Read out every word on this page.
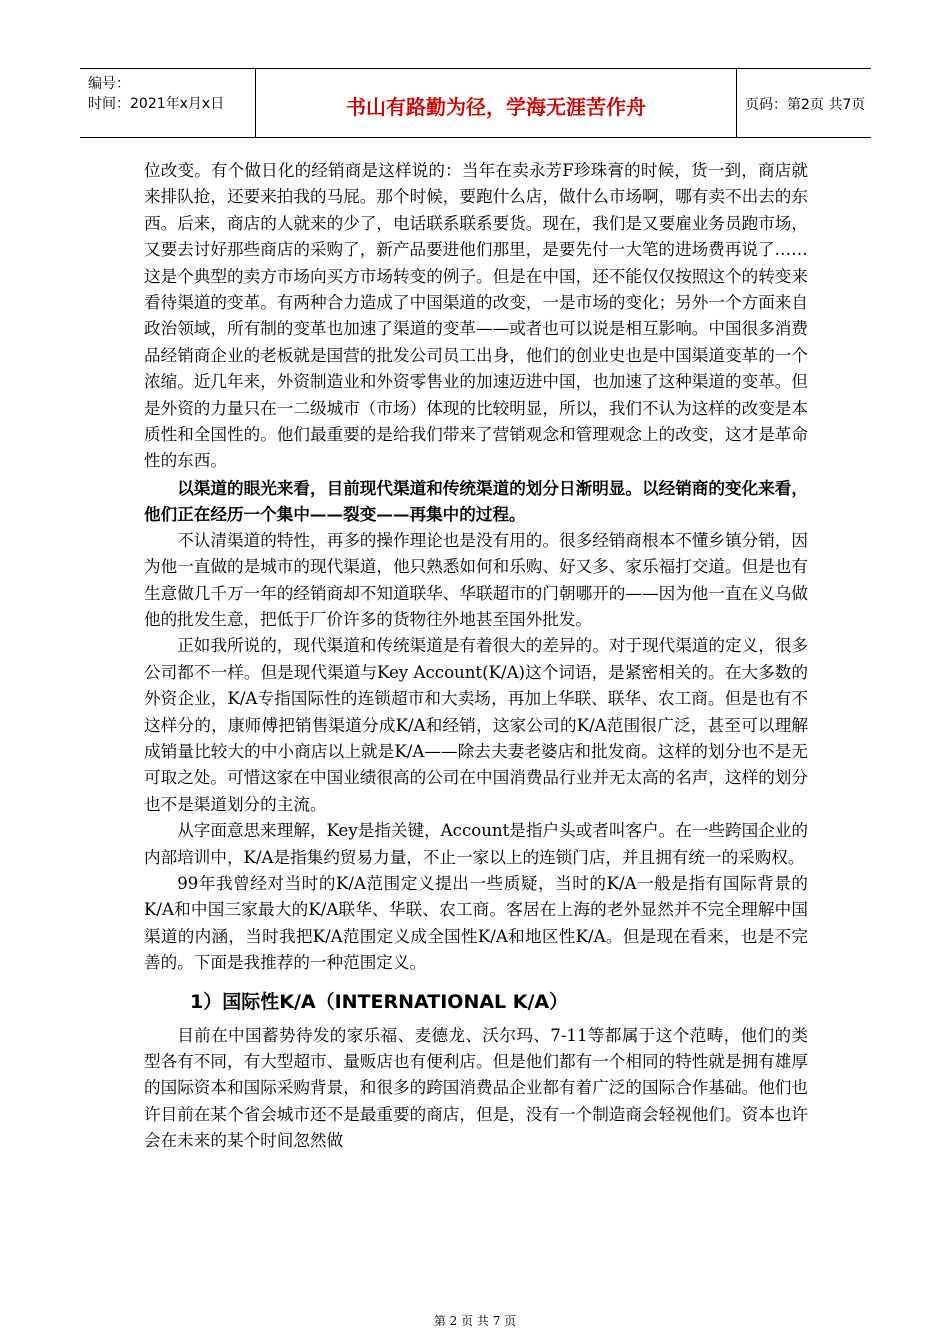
编号：
时间：2021年x月x日	书山有路勤为径，学海无涯苦作舟	页码：第2页 共7页

位改变。有个做日化的经销商是这样说的：当年在卖永芳F珍珠膏的时候，货一到，商店就来排队抢，还要来拍我的马屁。那个时候，要跑什么店，做什么市场啊，哪有卖不出去的东西。后来，商店的人就来的少了，电话联系联系要货。现在，我们是又要雇业务员跑市场，又要去讨好那些商店的采购了，新产品要进他们那里，是要先付一大笔的进场费再说了……

这是个典型的卖方市场向买方市场转变的例子。但是在中国，还不能仅仅按照这个的转变来看待渠道的变革。有两种合力造成了中国渠道的改变，一是市场的变化；另外一个方面来自政治领域，所有制的变革也加速了渠道的变革——或者也可以说是相互影响。中国很多消费品经销商企业的老板就是国营的批发公司员工出身，他们的创业史也是中国渠道变革的一个浓缩。近几年来，外资制造业和外资零售业的加速迈进中国，也加速了这种渠道的变革。但是外资的力量只在一二级城市（市场）体现的比较明显，所以，我们不认为这样的改变是本质性和全国性的。他们最重要的是给我们带来了营销观念和管理观念上的改变，这才是革命性的东西。

以渠道的眼光来看，目前现代渠道和传统渠道的划分日渐明显。以经销商的变化来看，他们正在经历一个集中——裂变——再集中的过程。

不认清渠道的特性，再多的操作理论也是没有用的。很多经销商根本不懂乡镇分销，因为他一直做的是城市的现代渠道，他只熟悉如何和乐购、好又多、家乐福打交道。但是也有生意做几千万一年的经销商却不知道联华、华联超市的门朝哪开的——因为他一直在义乌做他的批发生意，把低于厂价许多的货物往外地甚至国外批发。

正如我所说的，现代渠道和传统渠道是有着很大的差异的。对于现代渠道的定义，很多公司都不一样。但是现代渠道与Key Account(K/A)这个词语，是紧密相关的。在大多数的外资企业，K/A专指国际性的连锁超市和大卖场，再加上华联、联华、农工商。但是也有不这样分的，康师傅把销售渠道分成K/A和经销，这家公司的K/A范围很广泛，甚至可以理解成销量比较大的中小商店以上就是K/A——除去夫妻老婆店和批发商。这样的划分也不是无可取之处。可惜这家在中国业绩很高的公司在中国消费品行业并无太高的名声，这样的划分也不是渠道划分的主流。

从字面意思来理解，Key是指关键，Account是指户头或者叫客户。在一些跨国企业的内部培训中，K/A是指集约贸易力量，不止一家以上的连锁门店，并且拥有统一的采购权。

99年我曾经对当时的K/A范围定义提出一些质疑，当时的K/A一般是指有国际背景的K/A和中国三家最大的K/A联华、华联、农工商。客居在上海的老外显然并不完全理解中国渠道的内涵，当时我把K/A范围定义成全国性K/A和地区性K/A。但是现在看来，也是不完善的。下面是我推荐的一种范围定义。

1）国际性K/A（INTERNATIONAL K/A）

目前在中国蓄势待发的家乐福、麦德龙、沃尔玛、7-11等都属于这个范畴，他们的类型各有不同，有大型超市、量贩店也有便利店。但是他们都有一个相同的特性就是拥有雄厚的国际资本和国际采购背景，和很多的跨国消费品企业都有着广泛的国际合作基础。他们也许目前在某个省会城市还不是最重要的商店，但是，没有一个制造商会轻视他们。资本也许会在未来的某个时间忽然做

第 2 页 共 7 页
